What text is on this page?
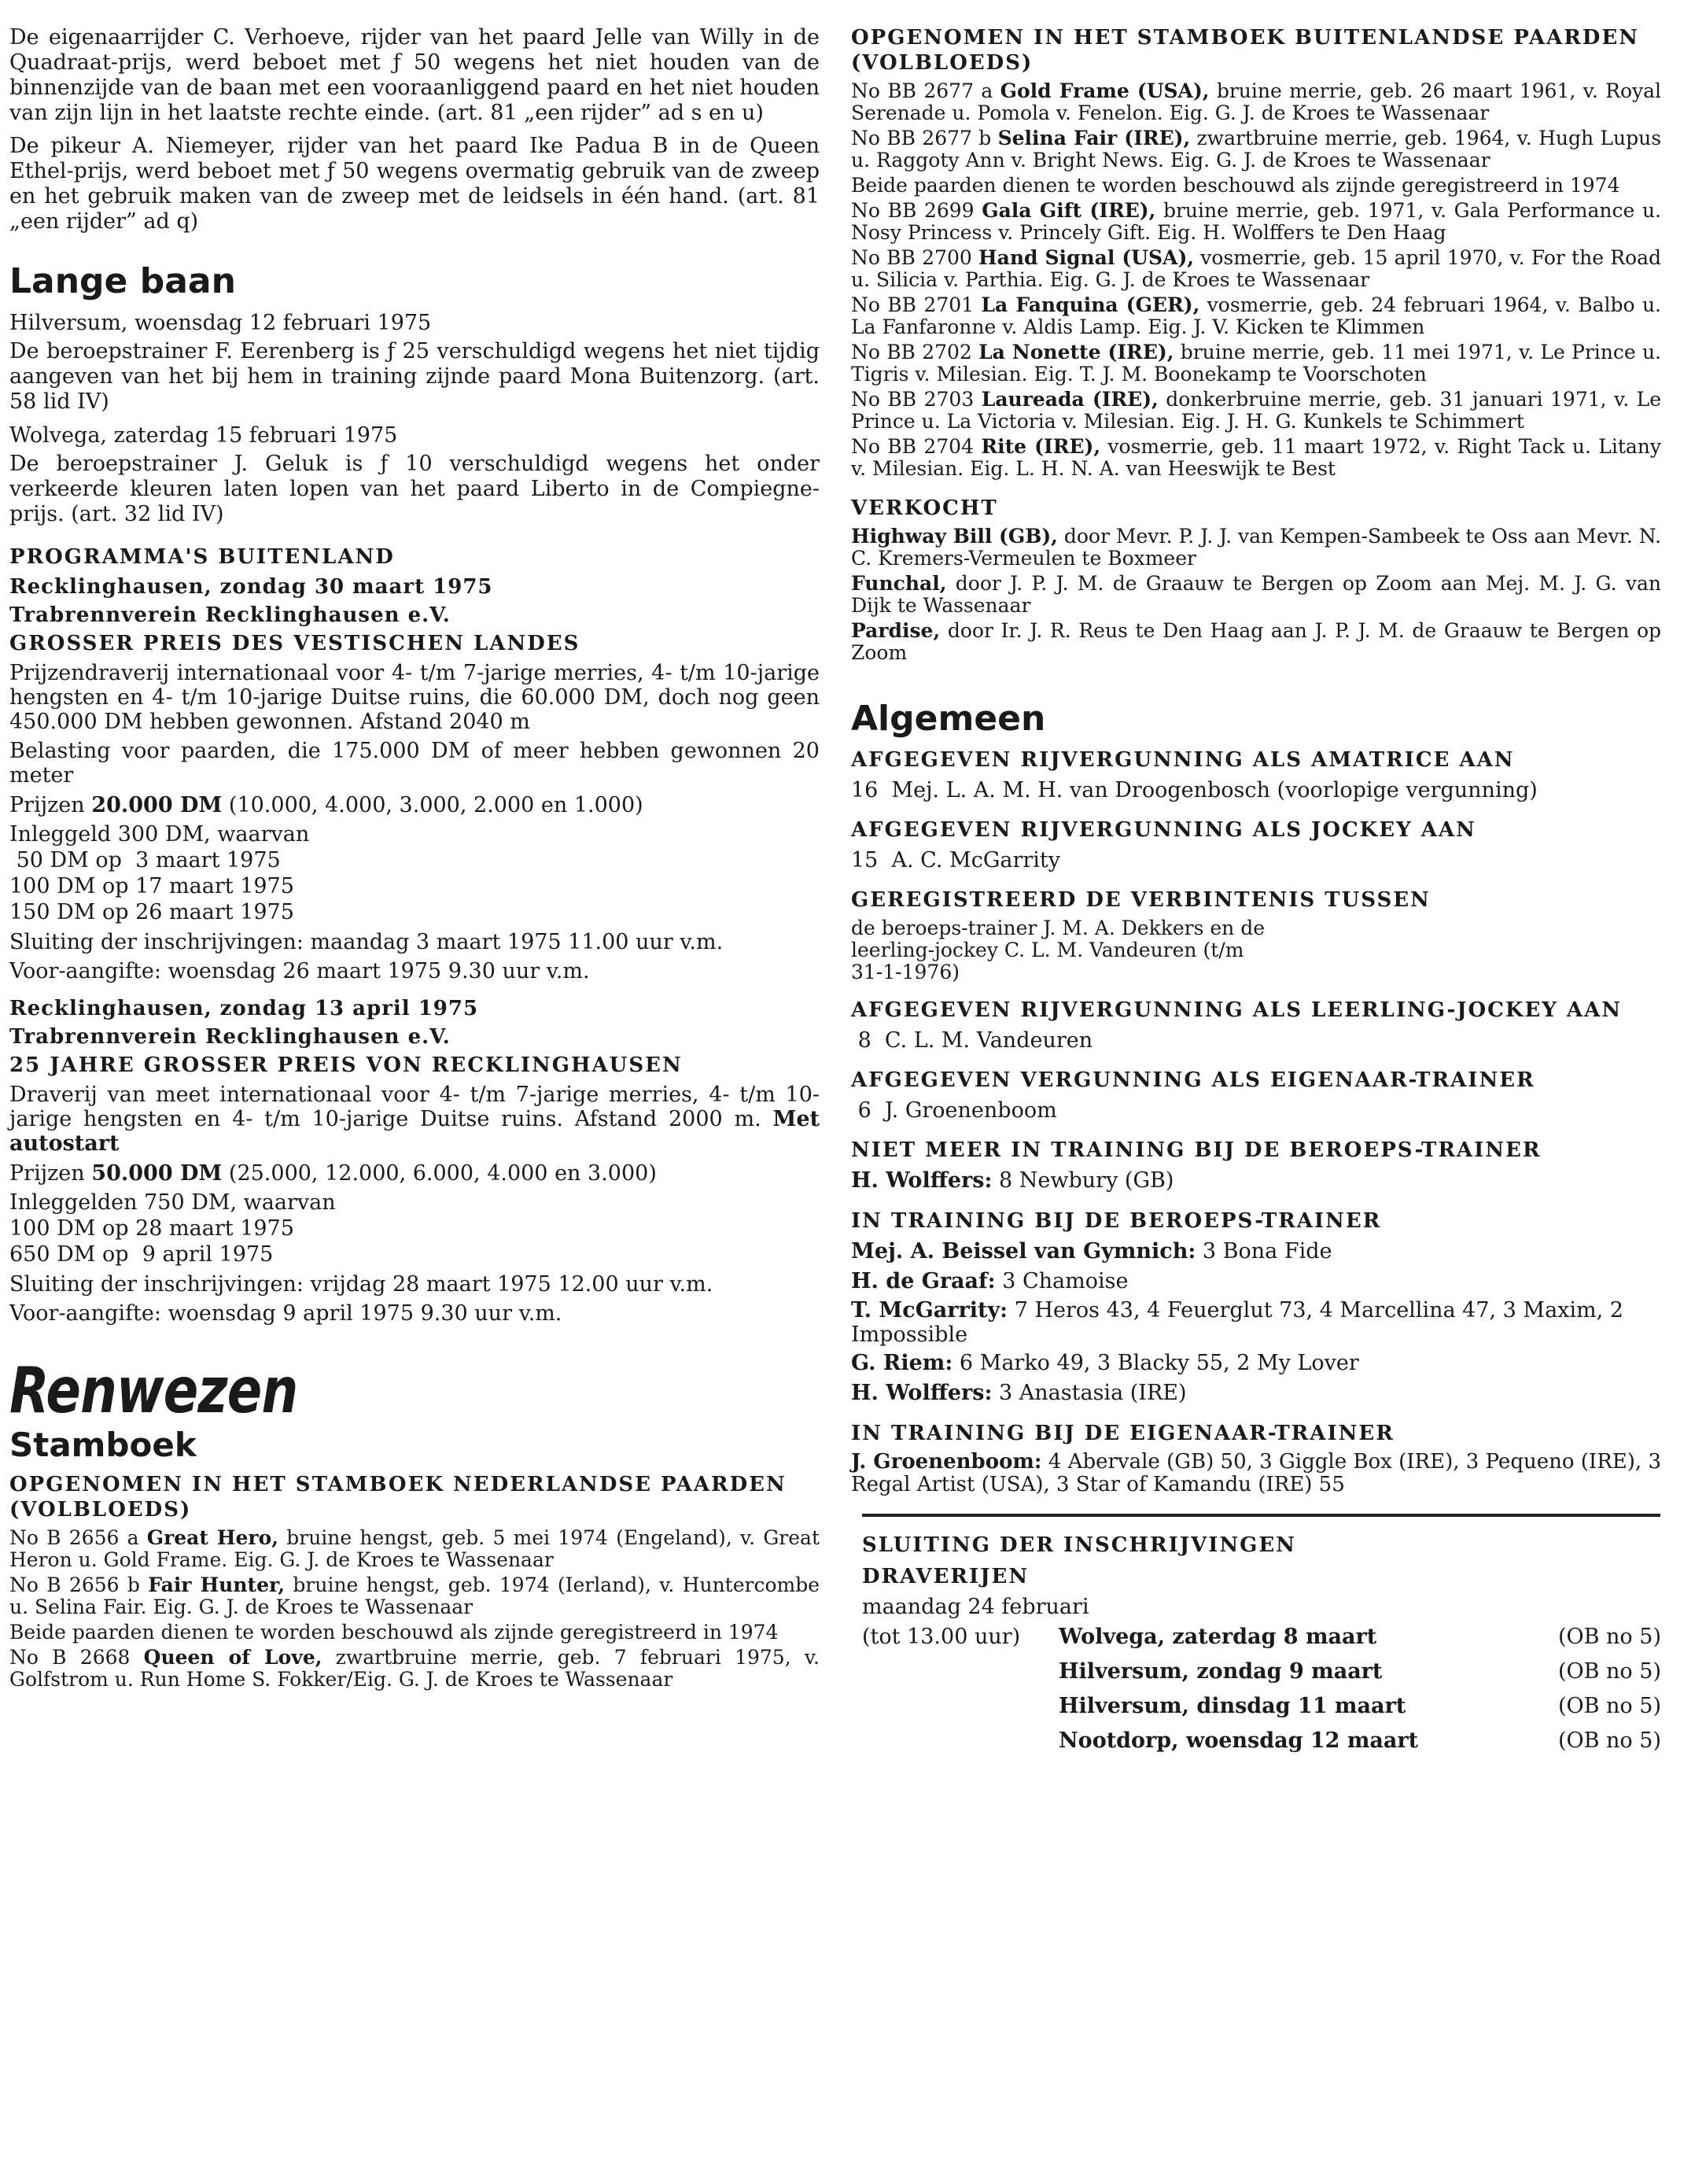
De eigenaarrijder C. Verhoeve, rijder van het paard Jelle van Willy in de Quadraat-prijs, werd beboet met ƒ 50 wegens het niet houden van de binnenzijde van de baan met een vooraanliggend paard en het niet houden van zijn lijn in het laatste rechte einde. (art. 81 „een rijder” ad s en u)

De pikeur A. Niemeyer, rijder van het paard Ike Padua B in de Queen Ethel-prijs, werd beboet met ƒ 50 wegens overmatig gebruik van de zweep en het gebruik maken van de zweep met de leidsels in één hand. (art. 81 „een rijder” ad q)

Lange baan

Hilversum, woensdag 12 februari 1975

De beroepstrainer F. Eerenberg is ƒ 25 verschuldigd wegens het niet tijdig aangeven van het bij hem in training zijnde paard Mona Buitenzorg. (art. 58 lid IV)

Wolvega, zaterdag 15 februari 1975

De beroepstrainer J. Geluk is ƒ 10 verschuldigd wegens het onder verkeerde kleuren laten lopen van het paard Liberto in de Compiegne-prijs. (art. 32 lid IV)

PROGRAMMA'S BUITENLAND

Recklinghausen, zondag 30 maart 1975

Trabrennverein Recklinghausen e.V.

GROSSER PREIS DES VESTISCHEN LANDES

Prijzendraverij internationaal voor 4- t/m 7-jarige merries, 4- t/m 10-jarige hengsten en 4- t/m 10-jarige Duitse ruins, die 60.000 DM, doch nog geen 450.000 DM hebben gewonnen. Afstand 2040 m

Belasting voor paarden, die 175.000 DM of meer hebben gewonnen 20 meter

Prijzen 20.000 DM (10.000, 4.000, 3.000, 2.000 en 1.000)

Inleggeld 300 DM, waarvan

50 DM op  3 maart 1975

100 DM op 17 maart 1975

150 DM op 26 maart 1975

Sluiting der inschrijvingen: maandag 3 maart 1975 11.00 uur v.m.

Voor-aangifte: woensdag 26 maart 1975 9.30 uur v.m.

Recklinghausen, zondag 13 april 1975

Trabrennverein Recklinghausen e.V.

25 JAHRE GROSSER PREIS VON RECKLINGHAUSEN

Draverij van meet internationaal voor 4- t/m 7-jarige merries, 4- t/m 10-jarige hengsten en 4- t/m 10-jarige Duitse ruins. Afstand 2000 m. Met autostart

Prijzen 50.000 DM (25.000, 12.000, 6.000, 4.000 en 3.000)

Inleggelden 750 DM, waarvan

100 DM op 28 maart 1975

650 DM op  9 april 1975

Sluiting der inschrijvingen: vrijdag 28 maart 1975 12.00 uur v.m.

Voor-aangifte: woensdag 9 april 1975 9.30 uur v.m.

Renwezen
Stamboek

OPGENOMEN IN HET STAMBOEK NEDERLANDSE PAARDEN (VOLBLOEDS)

No B 2656 a Great Hero, bruine hengst, geb. 5 mei 1974 (Engeland), v. Great Heron u. Gold Frame. Eig. G. J. de Kroes te Wassenaar
No B 2656 b Fair Hunter, bruine hengst, geb. 1974 (Ierland), v. Huntercombe u. Selina Fair. Eig. G. J. de Kroes te Wassenaar
Beide paarden dienen te worden beschouwd als zijnde geregistreerd in 1974
No B 2668 Queen of Love, zwartbruine merrie, geb. 7 februari 1975, v. Golfstrom u. Run Home S. Fokker/Eig. G. J. de Kroes te Wassenaar

OPGENOMEN IN HET STAMBOEK BUITENLANDSE PAARDEN (VOLBLOEDS)

No BB 2677 a Gold Frame (USA), bruine merrie, geb. 26 maart 1961, v. Royal Serenade u. Pomola v. Fenelon. Eig. G. J. de Kroes te Wassenaar
No BB 2677 b Selina Fair (IRE), zwartbruine merrie, geb. 1964, v. Hugh Lupus u. Raggoty Ann v. Bright News. Eig. G. J. de Kroes te Wassenaar
Beide paarden dienen te worden beschouwd als zijnde geregistreerd in 1974
No BB 2699 Gala Gift (IRE), bruine merrie, geb. 1971, v. Gala Performance u. Nosy Princess v. Princely Gift. Eig. H. Wolffers te Den Haag
No BB 2700 Hand Signal (USA), vosmerrie, geb. 15 april 1970, v. For the Road u. Silicia v. Parthia. Eig. G. J. de Kroes te Wassenaar
No BB 2701 La Fanquina (GER), vosmerrie, geb. 24 februari 1964, v. Balbo u. La Fanfaronne v. Aldis Lamp. Eig. J. V. Kicken te Klimmen
No BB 2702 La Nonette (IRE), bruine merrie, geb. 11 mei 1971, v. Le Prince u. Tigris v. Milesian. Eig. T. J. M. Boonekamp te Voorschoten
No BB 2703 Laureada (IRE), donkerbruine merrie, geb. 31 januari 1971, v. Le Prince u. La Victoria v. Milesian. Eig. J. H. G. Kunkels te Schimmert
No BB 2704 Rite (IRE), vosmerrie, geb. 11 maart 1972, v. Right Tack u. Litany v. Milesian. Eig. L. H. N. A. van Heeswijk te Best

VERKOCHT

Highway Bill (GB), door Mevr. P. J. J. van Kempen-Sambeek te Oss aan Mevr. N. C. Kremers-Vermeulen te Boxmeer
Funchal, door J. P. J. M. de Graauw te Bergen op Zoom aan Mej. M. J. G. van Dijk te Wassenaar
Pardise, door Ir. J. R. Reus te Den Haag aan J. P. J. M. de Graauw te Bergen op Zoom
Algemeen

AFGEGEVEN RIJVERGUNNING ALS AMATRICE AAN

16  Mej. L. A. M. H. van Droogenbosch (voorlopige vergunning)

AFGEGEVEN RIJVERGUNNING ALS JOCKEY AAN

15  A. C. McGarrity

GEREGISTREERD DE VERBINTENIS TUSSEN

de beroeps-trainer J. M. A. Dekkers en de

leerling-jockey C. L. M. Vandeuren (t/m

31-1-1976)

AFGEGEVEN RIJVERGUNNING ALS LEERLING-JOCKEY AAN

8  C. L. M. Vandeuren

AFGEGEVEN VERGUNNING ALS EIGENAAR-TRAINER

6  J. Groenenboom

NIET MEER IN TRAINING BIJ DE BEROEPS-TRAINER

H. Wolffers: 8 Newbury (GB)

IN TRAINING BIJ DE BEROEPS-TRAINER

Mej. A. Beissel van Gymnich: 3 Bona Fide

H. de Graaf: 3 Chamoise

T. McGarrity: 7 Heros 43, 4 Feuerglut 73, 4 Marcellina 47, 3 Maxim, 2 Impossible

G. Riem: 6 Marko 49, 3 Blacky 55, 2 My Lover

H. Wolffers: 3 Anastasia (IRE)

IN TRAINING BIJ DE EIGENAAR-TRAINER

J. Groenenboom: 4 Abervale (GB) 50, 3 Giggle Box (IRE), 3 Pequeno (IRE), 3 Regal Artist (USA), 3 Star of Kamandu (IRE) 55

SLUITING DER INSCHRIJVINGEN

DRAVERIJEN

maandag 24 februari

(tot 13.00 uur)	Wolvega, zaterdag 8 maart	(OB no 5)
Hilversum, zondag 9 maart	(OB no 5)
Hilversum, dinsdag 11 maart	(OB no 5)
Nootdorp, woensdag 12 maart	(OB no 5)
